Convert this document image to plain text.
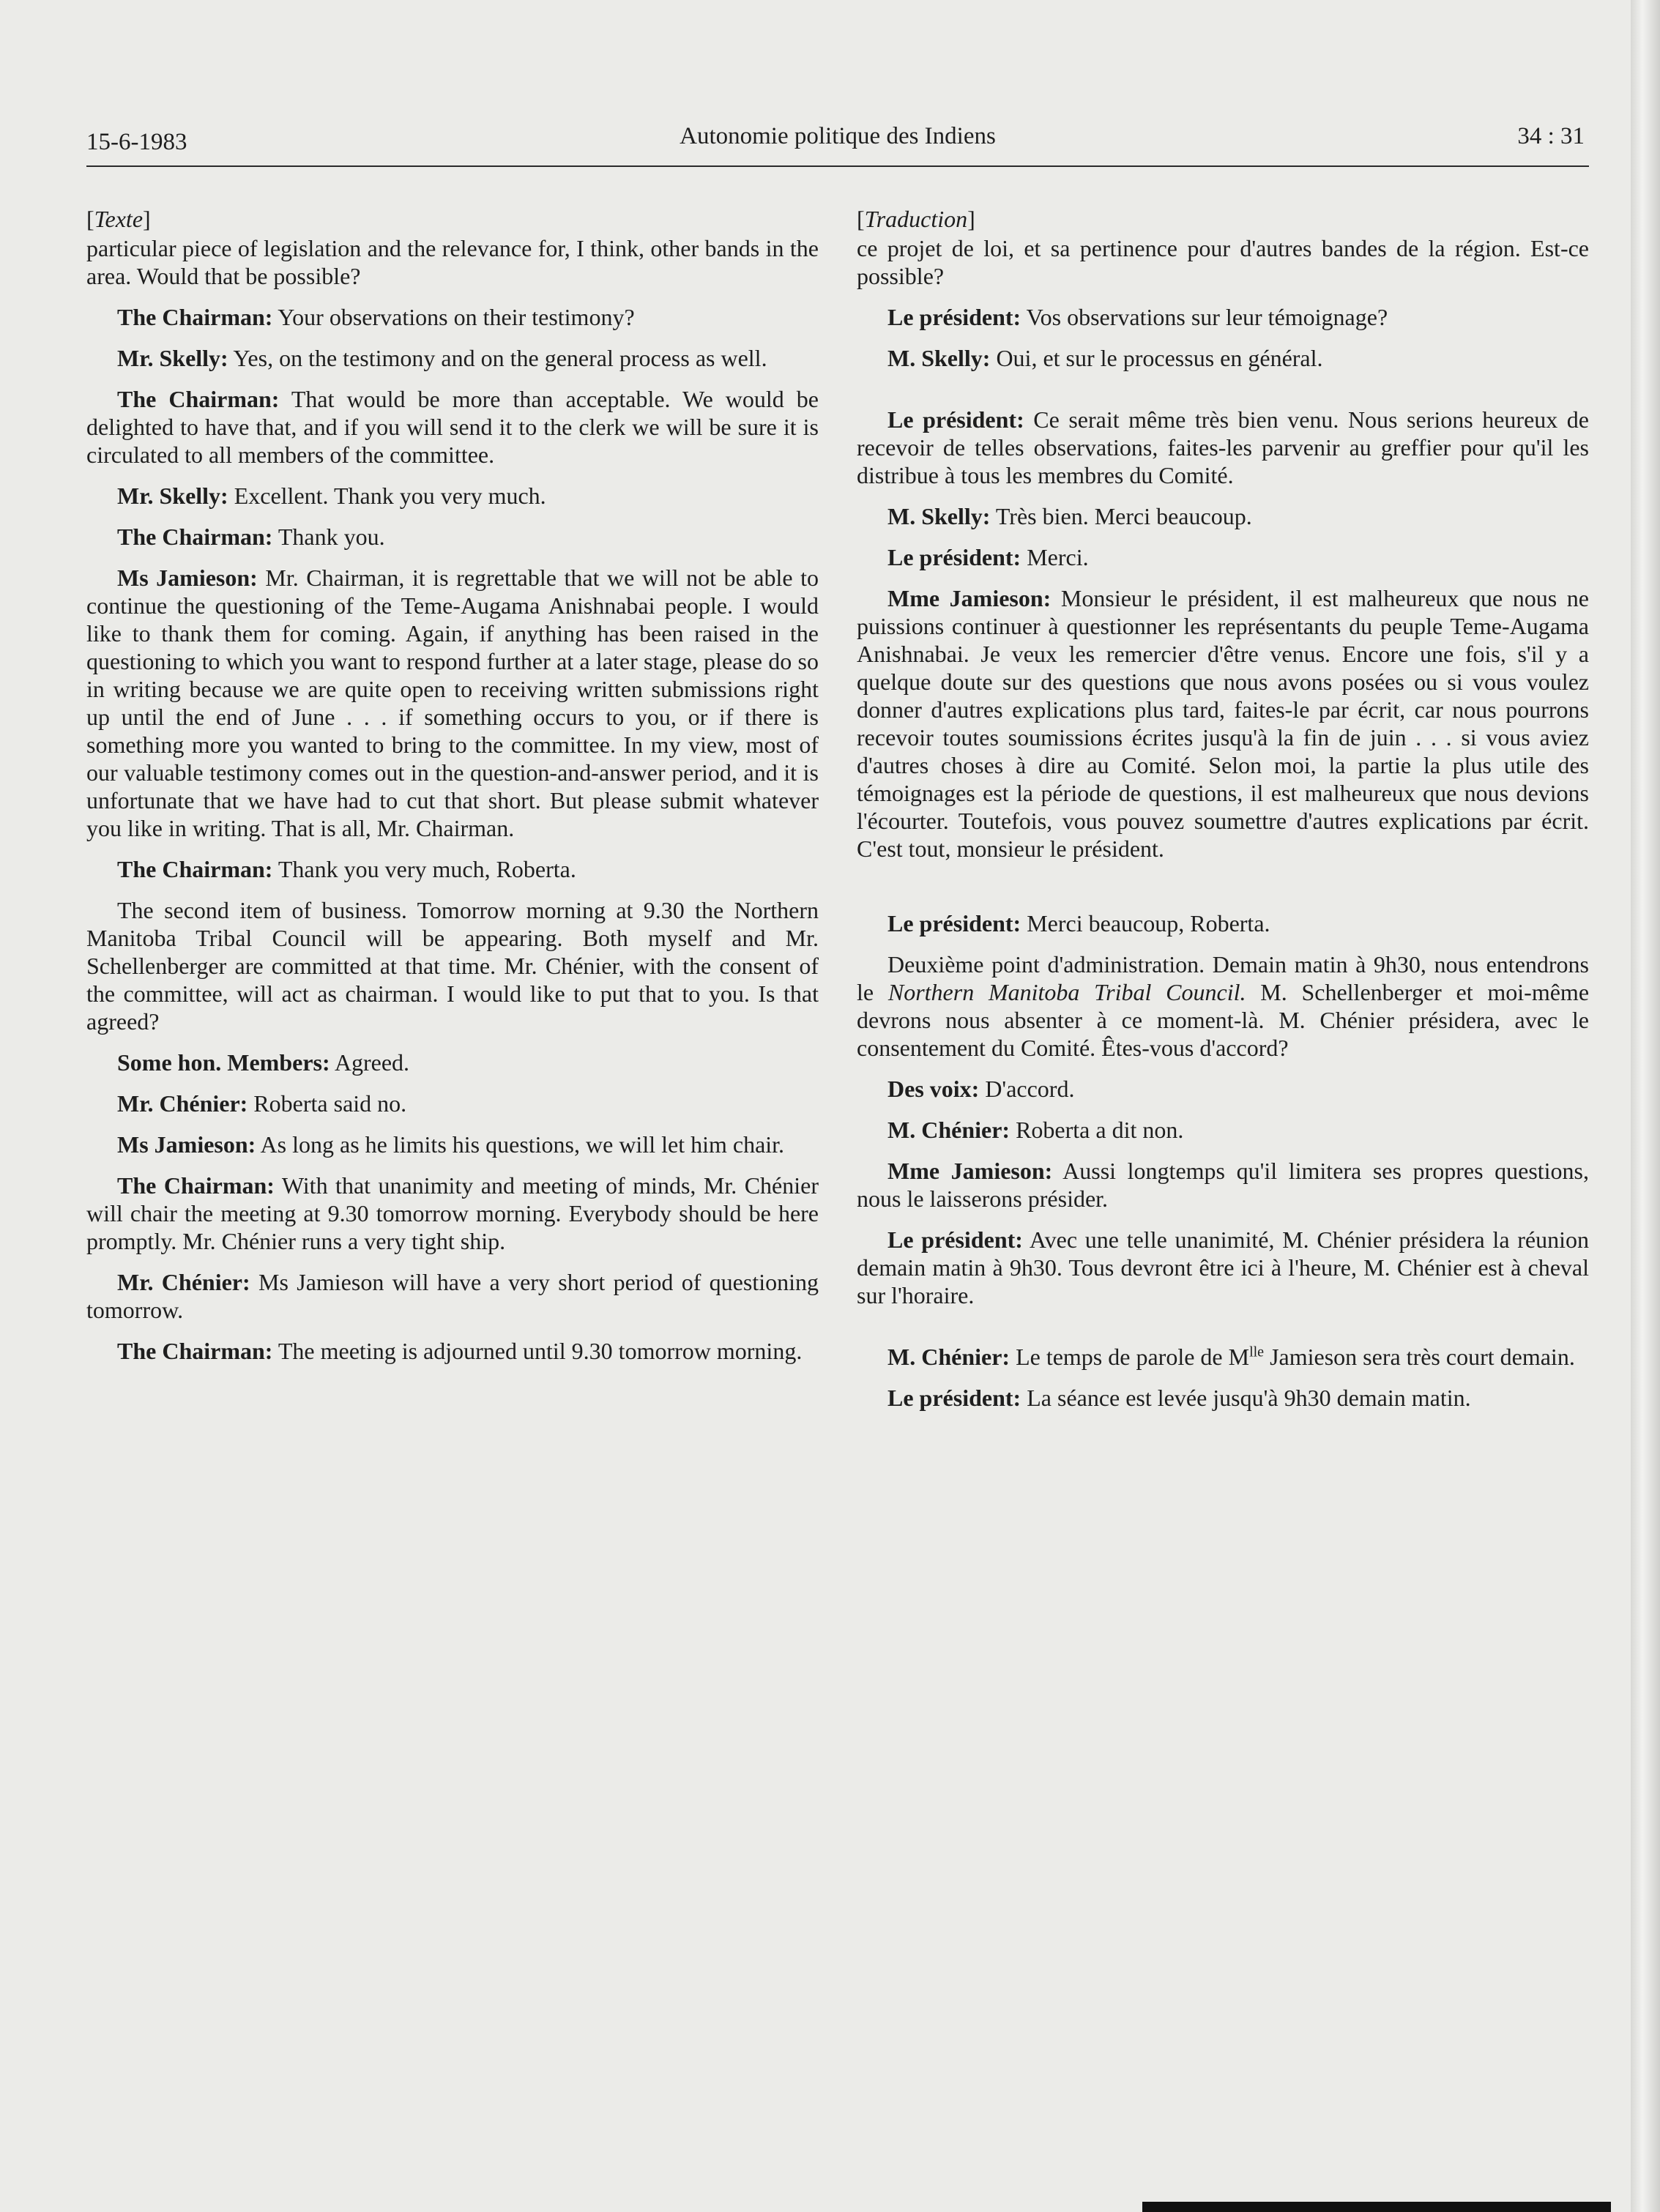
15-6-1983	Autonomie politique des Indiens	34 : 31
[Texte]

particular piece of legislation and the relevance for, I think, other bands in the area. Would that be possible?

The Chairman: Your observations on their testimony?

Mr. Skelly: Yes, on the testimony and on the general process as well.

The Chairman: That would be more than acceptable. We would be delighted to have that, and if you will send it to the clerk we will be sure it is circulated to all members of the committee.

Mr. Skelly: Excellent. Thank you very much.

The Chairman: Thank you.

Ms Jamieson: Mr. Chairman, it is regrettable that we will not be able to continue the questioning of the Teme-Augama Anishnabai people. I would like to thank them for coming. Again, if anything has been raised in the questioning to which you want to respond further at a later stage, please do so in writing because we are quite open to receiving written submissions right up until the end of June . . . if something occurs to you, or if there is something more you wanted to bring to the committee. In my view, most of our valuable testimony comes out in the question-and-answer period, and it is unfortunate that we have had to cut that short. But please submit whatever you like in writing. That is all, Mr. Chairman.

The Chairman: Thank you very much, Roberta.

The second item of business. Tomorrow morning at 9.30 the Northern Manitoba Tribal Council will be appearing. Both myself and Mr. Schellenberger are committed at that time. Mr. Chénier, with the consent of the committee, will act as chairman. I would like to put that to you. Is that agreed?

Some hon. Members: Agreed.

Mr. Chénier: Roberta said no.

Ms Jamieson: As long as he limits his questions, we will let him chair.

The Chairman: With that unanimity and meeting of minds, Mr. Chénier will chair the meeting at 9.30 tomorrow morning. Everybody should be here promptly. Mr. Chénier runs a very tight ship.

Mr. Chénier: Ms Jamieson will have a very short period of questioning tomorrow.

The Chairman: The meeting is adjourned until 9.30 tomorrow morning.

[Traduction]

ce projet de loi, et sa pertinence pour d'autres bandes de la région. Est-ce possible?

Le président: Vos observations sur leur témoignage?

M. Skelly: Oui, et sur le processus en général.

Le président: Ce serait même très bien venu. Nous serions heureux de recevoir de telles observations, faites-les parvenir au greffier pour qu'il les distribue à tous les membres du Comité.

M. Skelly: Très bien. Merci beaucoup.

Le président: Merci.

Mme Jamieson: Monsieur le président, il est malheureux que nous ne puissions continuer à questionner les représentants du peuple Teme-Augama Anishnabai. Je veux les remercier d'être venus. Encore une fois, s'il y a quelque doute sur des questions que nous avons posées ou si vous voulez donner d'autres explications plus tard, faites-le par écrit, car nous pourrons recevoir toutes soumissions écrites jusqu'à la fin de juin . . . si vous aviez d'autres choses à dire au Comité. Selon moi, la partie la plus utile des témoignages est la période de questions, il est malheureux que nous devions l'écourter. Toutefois, vous pouvez soumettre d'autres explications par écrit. C'est tout, monsieur le président.

Le président: Merci beaucoup, Roberta.

Deuxième point d'administration. Demain matin à 9h30, nous entendrons le Northern Manitoba Tribal Council. M. Schellenberger et moi-même devrons nous absenter à ce moment-là. M. Chénier présidera, avec le consentement du Comité. Êtes-vous d'accord?

Des voix: D'accord.

M. Chénier: Roberta a dit non.

Mme Jamieson: Aussi longtemps qu'il limitera ses propres questions, nous le laisserons présider.

Le président: Avec une telle unanimité, M. Chénier présidera la réunion demain matin à 9h30. Tous devront être ici à l'heure, M. Chénier est à cheval sur l'horaire.

M. Chénier: Le temps de parole de $M^{lle}$ Jamieson sera très court demain.

Le président: La séance est levée jusqu'à 9h30 demain matin.
